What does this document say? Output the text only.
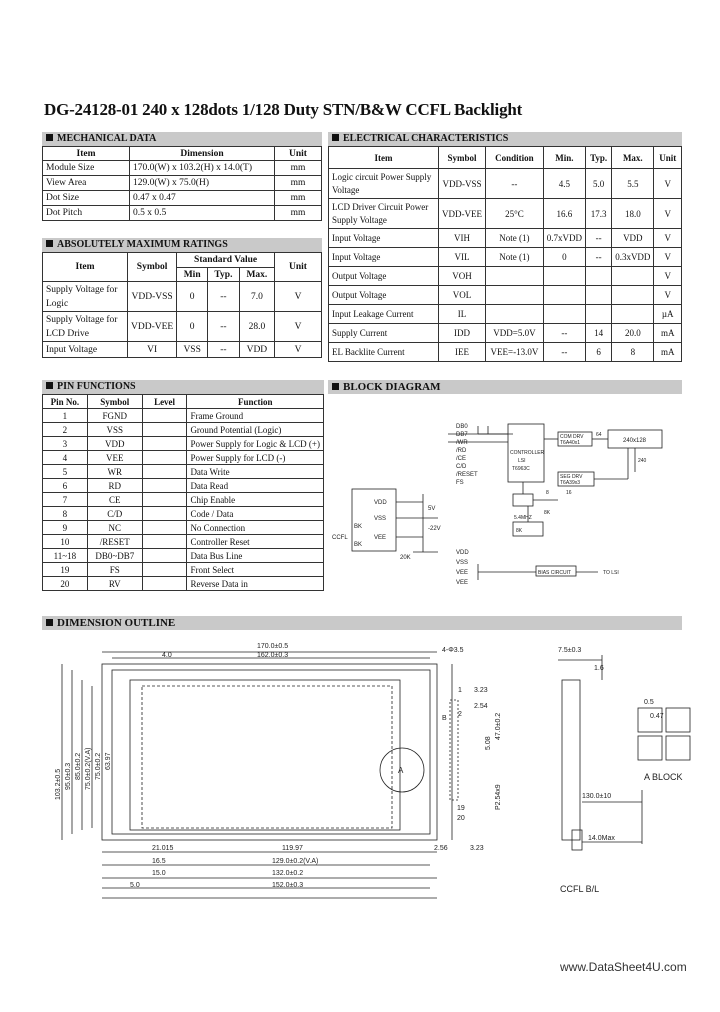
DG-24128-01 240 x 128dots 1/128 Duty STN/B&W CCFL Backlight
MECHANICAL DATA
Item	Dimension	Unit
Module Size	170.0(W) x 103.2(H) x 14.0(T)	mm
View Area	129.0(W) x 75.0(H)	mm
Dot Size	0.47 x 0.47	mm
Dot Pitch	0.5 x 0.5	mm
ABSOLUTELY MAXIMUM RATINGS
Item	Symbol	Standard Value			Unit
		Min	Typ.	Max.	
Supply Voltage for Logic	VDD-VSS	0	--	7.0	V
Supply Voltage for LCD Drive	VDD-VEE	0	--	28.0	V
Input Voltage	VI	VSS	--	VDD	V
ELECTRICAL CHARACTERISTICS
Item	Symbol	Condition	Min.	Typ.	Max.	Unit
Logic circuit Power Supply Voltage	VDD-VSS	--	4.5	5.0	5.5	V
LCD Driver Circuit Power Supply Voltage	VDD-VEE	25°C	16.6	17.3	18.0	V
Input Voltage	VIH	Note (1)	0.7xVDD	--	VDD	V
Input Voltage	VIL	Note (1)	0	--	0.3xVDD	V
Output Voltage	VOH					V
Output Voltage	VOL					V
Input Leakage Current	IL					µA
Supply Current	IDD	VDD=5.0V	--	14	20.0	mA
EL Backlite Current	IEE	VEE=-13.0V	--	6	8	mA
PIN FUNCTIONS
Pin No.	Symbol	Level	Function
1	FGND		Frame Ground
2	VSS		Ground Potential (Logic)
3	VDD		Power Supply for Logic & LCD (+)
4	VEE		Power Supply for LCD (-)
5	WR		Data Write
6	RD		Data Read
7	CE		Chip Enable
8	C/D		Code / Data
9	NC		No Connection
10	/RESET		Controller Reset
11~18	DB0~DB7		Data Bus Line
19	FS		Front Select
20	RV		Reverse Data in
BLOCK DIAGRAM
DB0
DB7
/WR
/RD
/CE
C/D
/RESET
FS
CONTROLLER
LSI
T6963C
COM DRV
T6A40x1	240x128
SEG DRV
T6A39x3
64
240
5.4MHZ
8K
8K
8	16
VDD
VSS
VEE
BK
BK
CCFL
5V
-22V
20K
VDD
VSS
VEE
VEE
BIAS CIRCUIT	TO LSI
DIMENSION OUTLINE
170.0±0.5
162.0±0.3
4.0
4-Φ3.5	7.5±0.3
1.6
3.23
2.54
B
19
20
1
2
A
21.015	119.97	2.56	3.23
16.5	129.0±0.2(V.A)
15.0	132.0±0.2
5.0	152.0±0.3
0.5
0.47
A BLOCK
130.0±10
14.0Max
CCFL B/L
103.2±0.5 95.0±0.3 85.0±0.2 75.0±0.2(V.A) 75.0±0.2 63.97
47.0±0.2
5.08
P2.54x9
www.DataSheet4U.com
